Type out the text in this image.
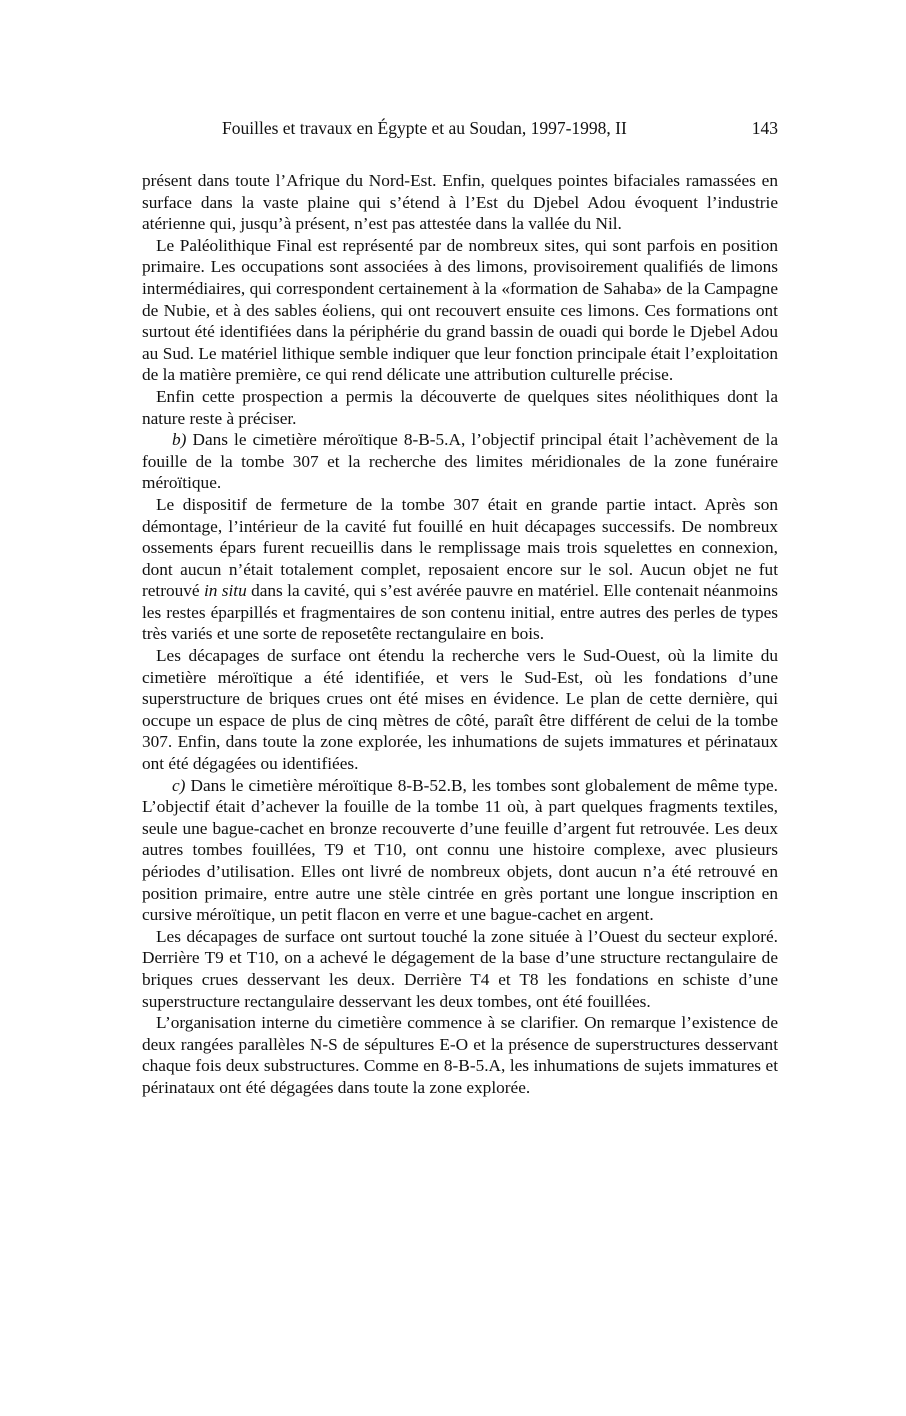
Fouilles et travaux en Égypte et au Soudan, 1997-1998, II	143

présent dans toute l’Afrique du Nord-Est. Enfin, quelques pointes bifaciales ramassées en surface dans la vaste plaine qui s’étend à l’Est du Djebel Adou évoquent l’industrie atérienne qui, jusqu’à présent, n’est pas attestée dans la vallée du Nil.

Le Paléolithique Final est représenté par de nombreux sites, qui sont parfois en position primaire. Les occupations sont associées à des limons, provisoirement qualifiés de limons intermédiaires, qui correspondent certainement à la «formation de Sahaba» de la Campagne de Nubie, et à des sables éoliens, qui ont recouvert ensuite ces limons. Ces formations ont surtout été identifiées dans la périphérie du grand bassin de ouadi qui borde le Djebel Adou au Sud. Le matériel lithique semble indiquer que leur fonction principale était l’exploitation de la matière première, ce qui rend délicate une attribution culturelle précise.

Enfin cette prospection a permis la découverte de quelques sites néolithiques dont la nature reste à préciser.

b) Dans le cimetière méroïtique 8-B-5.A, l’objectif principal était l’achèvement de la fouille de la tombe 307 et la recherche des limites méridionales de la zone funéraire méroïtique.

Le dispositif de fermeture de la tombe 307 était en grande partie intact. Après son démontage, l’intérieur de la cavité fut fouillé en huit décapages successifs. De nombreux ossements épars furent recueillis dans le remplissage mais trois squelettes en connexion, dont aucun n’était totalement complet, reposaient encore sur le sol. Aucun objet ne fut retrouvé in situ dans la cavité, qui s’est avérée pauvre en matériel. Elle contenait néanmoins les restes éparpillés et fragmentaires de son contenu initial, entre autres des perles de types très variés et une sorte de reposetête rectangulaire en bois.

Les décapages de surface ont étendu la recherche vers le Sud-Ouest, où la limite du cimetière méroïtique a été identifiée, et vers le Sud-Est, où les fondations d’une superstructure de briques crues ont été mises en évidence. Le plan de cette dernière, qui occupe un espace de plus de cinq mètres de côté, paraît être différent de celui de la tombe 307. Enfin, dans toute la zone explorée, les inhumations de sujets immatures et périnataux ont été dégagées ou identifiées.

c) Dans le cimetière méroïtique 8-B-52.B, les tombes sont globalement de même type. L’objectif était d’achever la fouille de la tombe 11 où, à part quelques fragments textiles, seule une bague-cachet en bronze recouverte d’une feuille d’argent fut retrouvée. Les deux autres tombes fouillées, T9 et T10, ont connu une histoire complexe, avec plusieurs périodes d’utilisation. Elles ont livré de nombreux objets, dont aucun n’a été retrouvé en position primaire, entre autre une stèle cintrée en grès portant une longue inscription en cursive méroïtique, un petit flacon en verre et une bague-cachet en argent.

Les décapages de surface ont surtout touché la zone située à l’Ouest du secteur exploré. Derrière T9 et T10, on a achevé le dégagement de la base d’une structure rectangulaire de briques crues desservant les deux. Derrière T4 et T8 les fondations en schiste d’une superstructure rectangulaire desservant les deux tombes, ont été fouillées.

L’organisation interne du cimetière commence à se clarifier. On remarque l’existence de deux rangées parallèles N-S de sépultures E-O et la présence de superstructures desservant chaque fois deux substructures. Comme en 8-B-5.A, les inhumations de sujets immatures et périnataux ont été dégagées dans toute la zone explorée.
